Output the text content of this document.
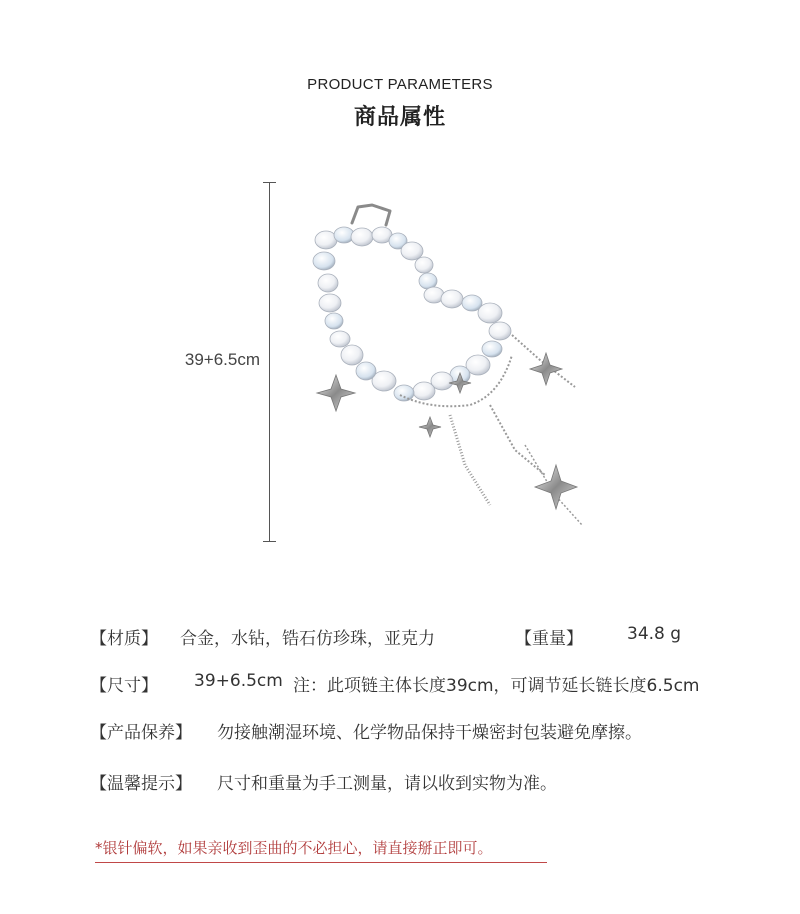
PRODUCT PARAMETERS
商品属性
39+6.5cm
【材质】 合金，水钻，锆石仿珍珠，亚克力	【重量】	34.8 g
【尺寸】 39+6.5cm 注：此项链主体长度39cm，可调节延长链长度6.5cm
【产品保养】 勿接触潮湿环境、化学物品保持干燥密封包装避免摩擦。
【温馨提示】 尺寸和重量为手工测量，请以收到实物为准。
*银针偏软，如果亲收到歪曲的不必担心，请直接掰正即可。
